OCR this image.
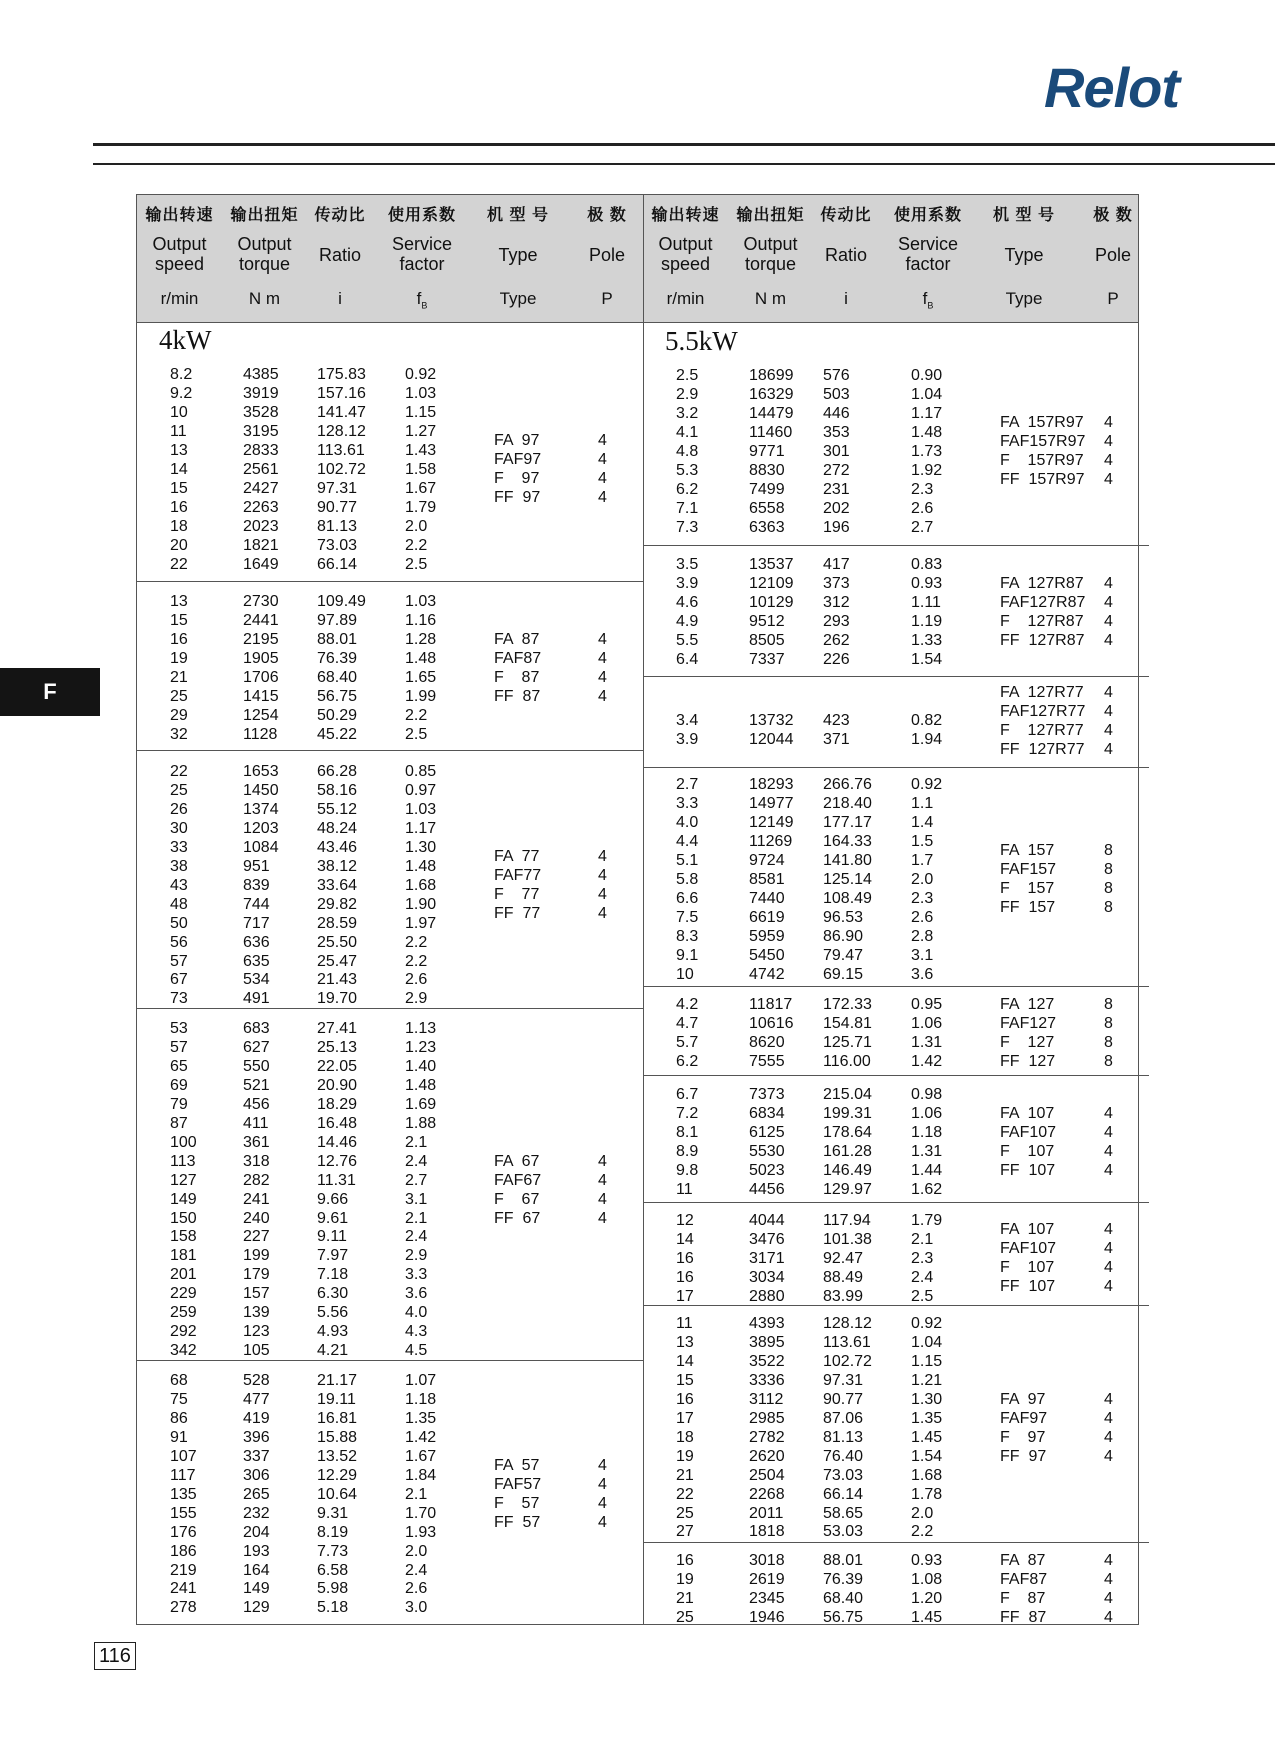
Relot
F
输出转速
Output
speed
r/min
输出扭矩
Output
torque
N m
传动比
Ratio
i
使用系数
Service
factor
$f_B$
机 型 号
Type
Type
极 数
Pole
P
输出转速
Output
speed
r/min
输出扭矩
Output
torque
N m
传动比
Ratio
i
使用系数
Service
factor
$f_B$
机 型 号
Type
Type
极 数
Pole
P
4kW
8.2	4385 175.83 0.92
9.2	3919 157.16 1.03
10	3528 141.47 1.15
11	3195 128.12 1.27
13	2833 113.61	1.43
14	2561 102.72 1.58
15	2427 97.31	1.67
16	2263 90.77	1.79
18	2023 81.13	2.0
20	1821 73.03	2.2
22	1649 66.14	2.5
FA  97	4
FAF97	4
F    97	4
FF  97	4
13	2730 109.49 1.03
15	2441 97.89	1.16
16	2195 88.01	1.28
19	1905 76.39	1.48
21	1706 68.40	1.65
25	1415 56.75	1.99
29	1254 50.29	2.2
32	1128 45.22	2.5
FA  87	4
FAF87	4
F    87	4
FF  87	4
22	1653 66.28	0.85
25	1450 58.16	0.97
26	1374 55.12	1.03
30	1203 48.24	1.17
33	1084 43.46	1.30
38	951	38.12	1.48
43	839	33.64	1.68
48	744	29.82	1.90
50	717	28.59	1.97
56	636	25.50	2.2
57	635	25.47	2.2
67	534	21.43	2.6
73	491	19.70	2.9
FA  77	4
FAF77	4
F    77	4
FF  77	4
53	683	27.41	1.13
57	627	25.13	1.23
65	550	22.05	1.40
69	521	20.90	1.48
79	456	18.29	1.69
87	411	16.48	1.88
100	361	14.46	2.1
113	318	12.76	2.4
127	282	11.31	2.7
149	241	9.66	3.1
150	240	9.61	2.1
158	227	9.11	2.4
181	199	7.97	2.9
201	179	7.18	3.3
229	157	6.30	3.6
259	139	5.56	4.0
292	123	4.93	4.3
342	105	4.21	4.5
FA  67	4
FAF67	4
F    67	4
FF  67	4
68	528	21.17	1.07
75	477	19.11	1.18
86	419	16.81	1.35
91	396	15.88	1.42
107	337	13.52	1.67
117	306	12.29	1.84
135	265	10.64	2.1
155	232	9.31	1.70
176	204	8.19	1.93
186	193	7.73	2.0
219	164	6.58	2.4
241	149	5.98	2.6
278	129	5.18	3.0
FA  57	4
FAF57	4
F    57	4
FF  57	4
5.5kW
2.5	18699 576	0.90
2.9	16329 503	1.04
3.2	14479 446	1.17
4.1	11460 353	1.48
4.8	9771 301	1.73
5.3	8830 272	1.92
6.2	7499 231	2.3
7.1	6558 202	2.6
7.3	6363 196	2.7
FA  157R97 4
FAF157R97 4
F    157R97 4
FF  157R97 4
3.5	13537 417	0.83
3.9	12109 373	0.93
4.6	10129 312	1.11
4.9	9512 293	1.19
5.5	8505 262	1.33
6.4	7337 226	1.54
FA  127R87 4
FAF127R87 4
F    127R87 4
FF  127R87 4
3.4	13732 423	0.82
3.9	12044 371	1.94
FA  127R77 4
FAF127R77 4
F    127R77 4
FF  127R77 4
2.7	18293 266.76 0.92
3.3	14977 218.40 1.1
4.0	12149 177.17 1.4
4.4	11269 164.33 1.5
5.1	9724 141.80 1.7
5.8	8581 125.14 2.0
6.6	7440 108.49 2.3
7.5	6619 96.53	2.6
8.3	5959 86.90	2.8
9.1	5450 79.47	3.1
10	4742 69.15	3.6
FA  157	8
FAF157	8
F    157	8
FF  157	8
4.2	11817 172.33 0.95
4.7	10616 154.81 1.06
5.7	8620 125.71 1.31
6.2	7555 116.00	1.42
FA  127	8
FAF127	8
F    127	8
FF  127	8
6.7	7373 215.04 0.98
7.2	6834 199.31 1.06
8.1	6125 178.64 1.18
8.9	5530 161.28 1.31
9.8	5023 146.49 1.44
11	4456 129.97 1.62
FA  107	4
FAF107	4
F    107	4
FF  107	4
12	4044 117.94	1.79
14	3476 101.38 2.1
16	3171 92.47	2.3
16	3034 88.49	2.4
17	2880 83.99	2.5
FA  107	4
FAF107	4
F    107	4
FF  107	4
11	4393 128.12 0.92
13	3895 113.61	1.04
14	3522 102.72 1.15
15	3336 97.31	1.21
16	3112 90.77	1.30
17	2985 87.06	1.35
18	2782 81.13	1.45
19	2620 76.40	1.54
21	2504 73.03	1.68
22	2268 66.14	1.78
25	2011 58.65	2.0
27	1818 53.03	2.2
FA  97	4
FAF97	4
F    97	4
FF  97	4
16	3018 88.01	0.93
19	2619 76.39	1.08
21	2345 68.40	1.20
25	1946 56.75	1.45
FA  87	4
FAF87	4
F    87	4
FF  87	4
116
